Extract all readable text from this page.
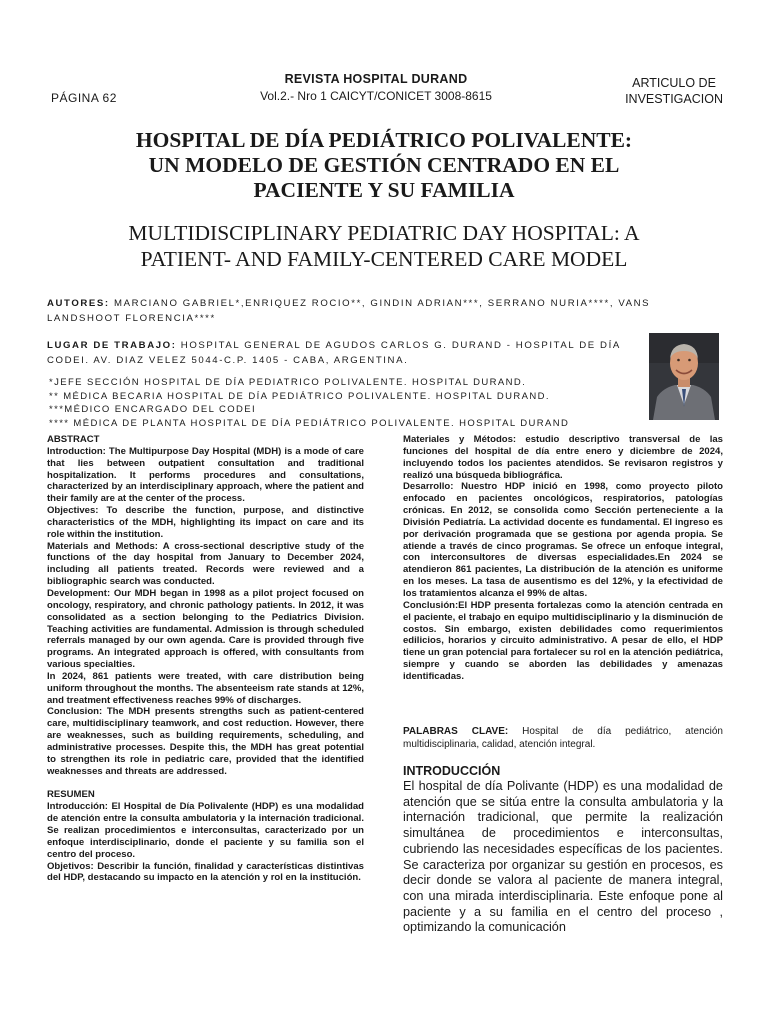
PÁGINA 62
REVISTA HOSPITAL DURAND
Vol.2.- Nro 1 CAICYT/CONICET 3008-8615
ARTICULO DE
INVESTIGACION
HOSPITAL DE DÍA PEDIÁTRICO POLIVALENTE:
UN MODELO DE GESTIÓN CENTRADO EN EL
PACIENTE Y SU FAMILIA
MULTIDISCIPLINARY PEDIATRIC DAY HOSPITAL: A
PATIENT- AND FAMILY-CENTERED CARE MODEL
AUTORES: MARCIANO GABRIEL*,ENRIQUEZ ROCIO**, GINDIN ADRIAN***, SERRANO NURIA****, VANS LANDSHOOT FLORENCIA****
LUGAR DE TRABAJO: HOSPITAL GENERAL DE AGUDOS CARLOS G. DURAND - HOSPITAL DE DÍA CODEI. AV. DIAZ VELEZ 5044-C.P. 1405 - CABA, ARGENTINA.
*JEFE SECCIÓN HOSPITAL DE DÍA PEDIATRICO POLIVALENTE. HOSPITAL DURAND.
** MÉDICA BECARIA HOSPITAL DE DÍA PEDIÁTRICO POLIVALENTE. HOSPITAL DURAND.
***MÉDICO ENCARGADO DEL CODEI
**** MÉDICA DE PLANTA HOSPITAL DE DÍA PEDIÁTRICO POLIVALENTE. HOSPITAL DURAND

ABSTRACT

Introduction: The Multipurpose Day Hospital (MDH) is a mode of care that lies between outpatient consultation and traditional hospitalization. It performs procedures and consultations, characterized by an interdisciplinary approach, where the patient and their family are at the center of the process.

Objectives: To describe the function, purpose, and distinctive characteristics of the MDH, highlighting its impact on care and its role within the institution.

Materials and Methods: A cross-sectional descriptive study of the functions of the day hospital from January to December 2024, including all patients treated. Records were reviewed and a bibliographic search was conducted.

Development: Our MDH began in 1998 as a pilot project focused on oncology, respiratory, and chronic pathology patients. In 2012, it was consolidated as a section belonging to the Pediatrics Division. Teaching activities are fundamental. Admission is through scheduled referrals managed by our own agenda. Care is provided through five programs. An integrated approach is offered, with consultants from various specialties.

In 2024, 861 patients were treated, with care distribution being uniform throughout the months. The absenteeism rate stands at 12%, and treatment effectiveness reaches 99% of discharges.

Conclusion: The MDH presents strengths such as patient-centered care, multidisciplinary teamwork, and cost reduction. However, there are weaknesses, such as building requirements, scheduling, and administrative processes. Despite this, the MDH has great potential to strengthen its role in pediatric care, provided that the identified weaknesses and threats are addressed.

RESUMEN

Introducción: El Hospital de Día Polivalente (HDP) es una modalidad de atención entre la consulta ambulatoria y la internación tradicional. Se realizan procedimientos e interconsultas, caracterizado por un enfoque interdisciplinario, donde el paciente y su familia son el centro del proceso.

Objetivos: Describir la función, finalidad y características distintivas del HDP, destacando su impacto en la atención y rol en la institución.

Materiales y Métodos: estudio descriptivo transversal de las funciones del hospital de día entre enero y diciembre de 2024, incluyendo todos los pacientes atendidos. Se revisaron registros y realizó una búsqueda bibliográfica.

Desarrollo: Nuestro HDP inició en 1998, como proyecto piloto enfocado en pacientes oncológicos, respiratorios, patologías crónicas. En 2012, se consolida como Sección perteneciente a la División Pediatría. La actividad docente es fundamental. El ingreso es por derivación programada que se gestiona por agenda propia. Se atiende a través de cinco programas. Se ofrece un enfoque integral, con interconsultores de diversas especialidades.En 2024 se atendieron 861 pacientes, La distribución de la atención es uniforme en los meses. La tasa de ausentismo es del 12%, y la efectividad de los tratamientos alcanza el 99% de altas.

Conclusión:El HDP presenta fortalezas como la atención centrada en el paciente, el trabajo en equipo multidisciplinario y la disminución de costos. Sin embargo, existen debilidades como requerimientos edilicios, horarios y circuito administrativo. A pesar de ello, el HDP tiene un gran potencial para fortalecer su rol en la atención pediátrica, siempre y cuando se aborden las debilidades y amenazas identificadas.

PALABRAS CLAVE: Hospital de día pediátrico, atención multidisciplinaria, calidad, atención integral.
INTRODUCCIÓN
El hospital de día Polivante (HDP) es una modalidad de atención que se sitúa entre la consulta ambulatoria y la internación tradicional, que permite la realización simultánea de procedimientos e interconsultas, cubriendo las necesidades específicas de los pacientes. Se caracteriza por organizar su gestión en procesos, es decir donde se valora al paciente de manera integral, con una mirada interdisciplinaria. Este enfoque pone al paciente y a su familia en el centro del proceso , optimizando la comunicación
